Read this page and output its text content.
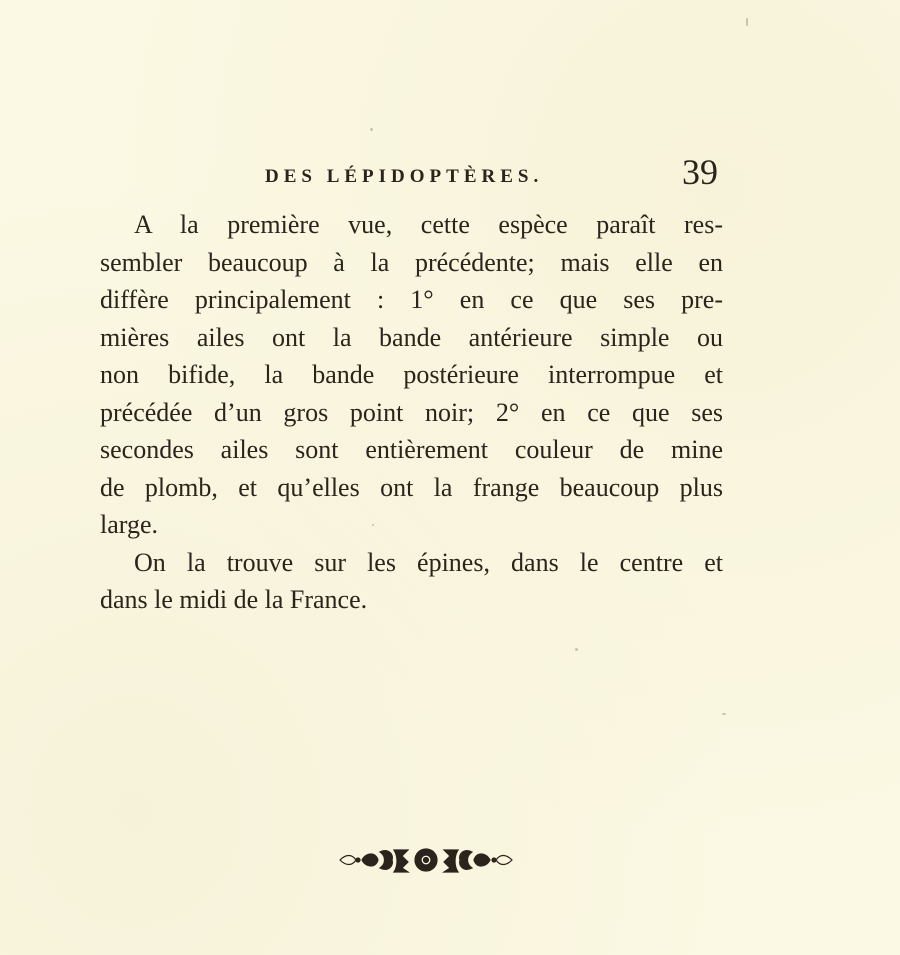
DES LÉPIDOPTÈRES.	39

A la première vue, cette espèce paraît res-
sembler beaucoup à la précédente; mais elle en
diffère principalement : 1° en ce que ses pre-
mières ailes ont la bande antérieure simple ou
non bifide, la bande postérieure interrompue et
précédée d’un gros point noir; 2° en ce que ses
secondes ailes sont entièrement couleur de mine
de plomb, et qu’elles ont la frange beaucoup plus
large.

On la trouve sur les épines, dans le centre et
dans le midi de la France.
